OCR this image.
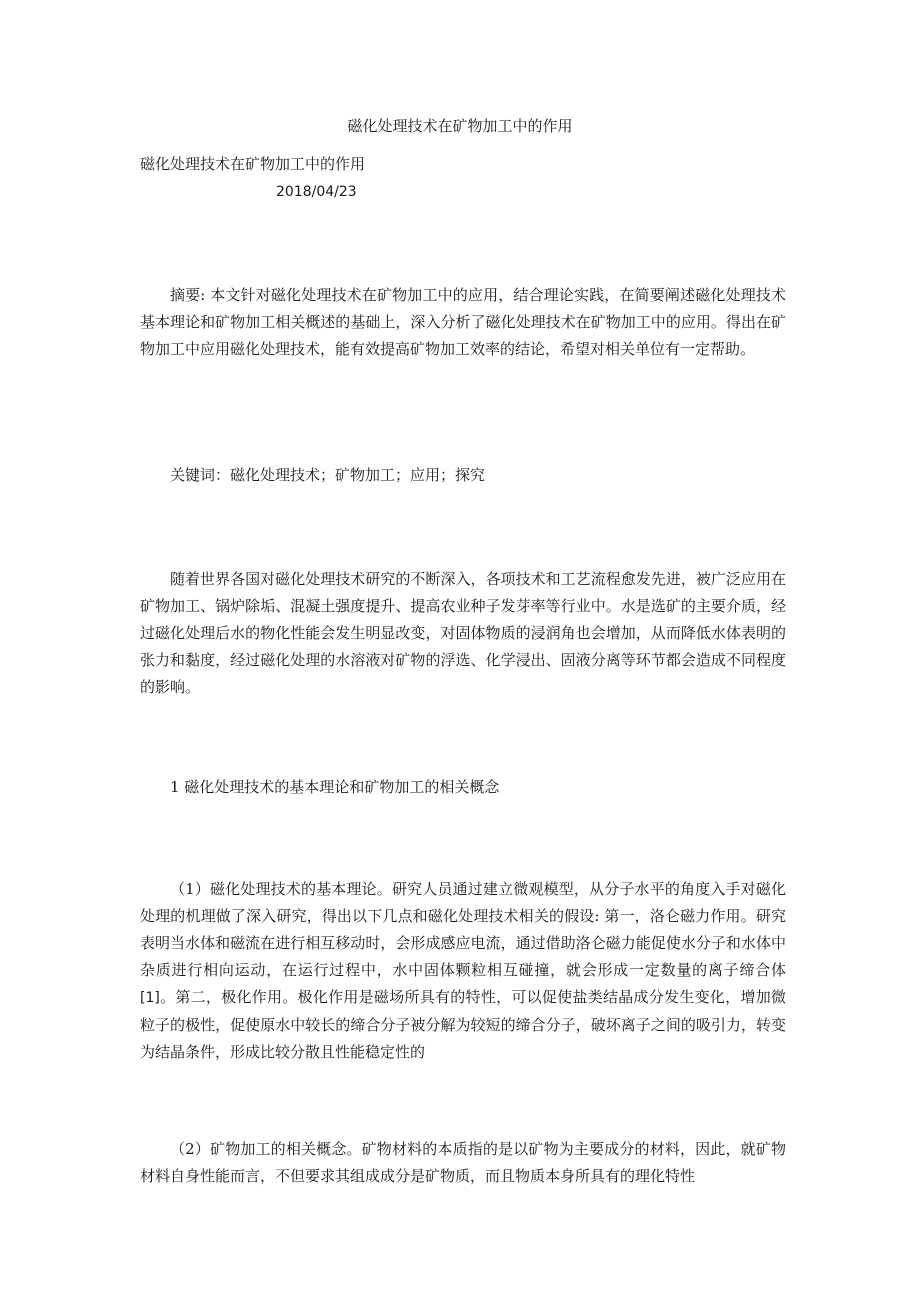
磁化处理技术在矿物加工中的作用
磁化处理技术在矿物加工中的作用
2018/04/23

摘要: 本文针对磁化处理技术在矿物加工中的应用，结合理论实践，在简要阐述磁化处理技术基本理论和矿物加工相关概述的基础上，深入分析了磁化处理技术在矿物加工中的应用。得出在矿物加工中应用磁化处理技术，能有效提高矿物加工效率的结论，希望对相关单位有一定帮助。

关键词：磁化处理技术；矿物加工；应用；探究

随着世界各国对磁化处理技术研究的不断深入，各项技术和工艺流程愈发先进，被广泛应用在矿物加工、锅炉除垢、混凝土强度提升、提高农业种子发芽率等行业中。水是选矿的主要介质，经过磁化处理后水的物化性能会发生明显改变，对固体物质的浸润角也会增加，从而降低水体表明的张力和黏度，经过磁化处理的水溶液对矿物的浮选、化学浸出、固液分离等环节都会造成不同程度的影响。

1 磁化处理技术的基本理论和矿物加工的相关概念

（1）磁化处理技术的基本理论。研究人员通过建立微观模型，从分子水平的角度入手对磁化处理的机理做了深入研究，得出以下几点和磁化处理技术相关的假设: 第一，洛仑磁力作用。研究表明当水体和磁流在进行相互移动时，会形成感应电流，通过借助洛仑磁力能促使水分子和水体中杂质进行相向运动，在运行过程中，水中固体颗粒相互碰撞，就会形成一定数量的离子缔合体[1]。第二，极化作用。极化作用是磁场所具有的特性，可以促使盐类结晶成分发生变化，增加微粒子的极性，促使原水中较长的缔合分子被分解为较短的缔合分子，破坏离子之间的吸引力，转变为结晶条件，形成比较分散且性能稳定性的

（2）矿物加工的相关概念。矿物材料的本质指的是以矿物为主要成分的材料，因此，就矿物材料自身性能而言，不但要求其组成成分是矿物质，而且物质本身所具有的理化特性
